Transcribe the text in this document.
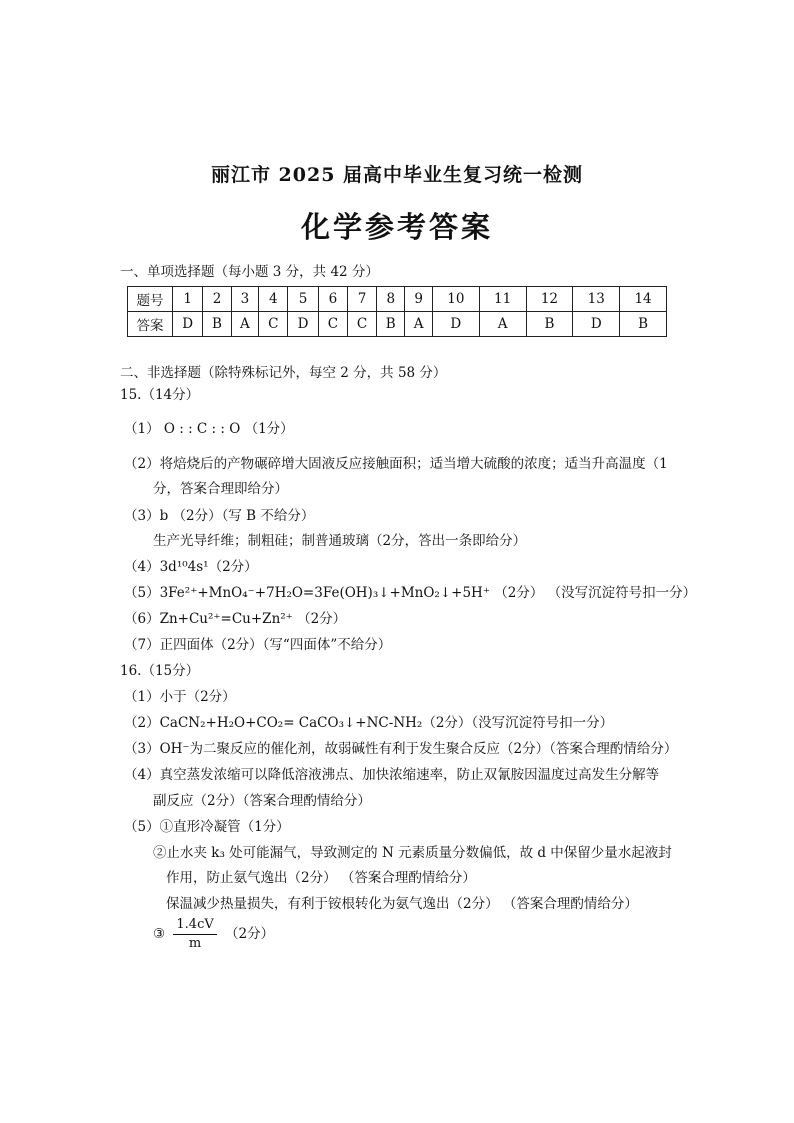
丽江市 2025 届高中毕业生复习统一检测
化学参考答案
一、单项选择题（每小题 3 分，共 42 分）
题号	1	2	3	4	5	6	7	8	9	10	11	12	13	14
答案	D	B	A	C	D	C	C	B	A	D	A	B	D	B
二、非选择题（除特殊标记外，每空 2 分，共 58 分）
15.（14分）
（1） O : : C : : O （1分）
（2）将焙烧后的产物碾碎增大固液反应接触面积；适当增大硫酸的浓度；适当升高温度（1
分，答案合理即给分）
（3）b （2分）（写 B 不给分）
生产光导纤维；制粗硅；制普通玻璃（2分，答出一条即给分）
（4）3d¹⁰4s¹（2分）
（5）3Fe²⁺+MnO₄⁻+7H₂O=3Fe(OH)₃↓+MnO₂↓+5H⁺ （2分） （没写沉淀符号扣一分）
（6）Zn+Cu²⁺=Cu+Zn²⁺ （2分）
（7）正四面体（2分）（写“四面体”不给分）
16.（15分）
（1）小于（2分）
（2）CaCN₂+H₂O+CO₂= CaCO₃↓+NC-NH₂（2分）（没写沉淀符号扣一分）
（3）OH⁻为二聚反应的催化剂，故弱碱性有利于发生聚合反应（2分）（答案合理酌情给分）
（4）真空蒸发浓缩可以降低溶液沸点、加快浓缩速率，防止双氰胺因温度过高发生分解等
副反应（2分）（答案合理酌情给分）
（5）①直形冷凝管（1分）
②止水夹 k₃ 处可能漏气，导致测定的 N 元素质量分数偏低，故 d 中保留少量水起液封
作用，防止氨气逸出（2分） （答案合理酌情给分）
保温减少热量损失，有利于铵根转化为氨气逸出（2分） （答案合理酌情给分）
③ $\frac{1.4cV}{m} (2$分）
